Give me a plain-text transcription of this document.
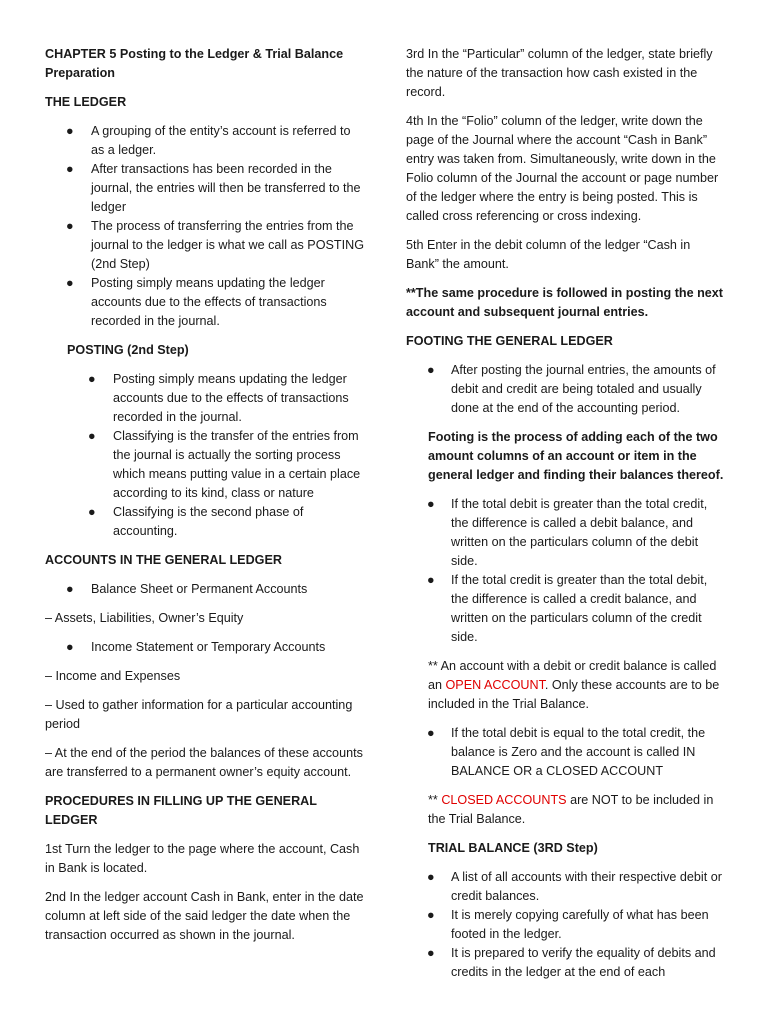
CHAPTER 5 Posting to the Ledger & Trial Balance Preparation

THE LEDGER

● A grouping of the entity’s account is referred to as a ledger.
● After transactions has been recorded in the journal, the entries will then be transferred to the ledger
● The process of transferring the entries from the journal to the ledger is what we call as POSTING (2nd Step)
● Posting simply means updating the ledger accounts due to the effects of transactions recorded in the journal.

POSTING (2nd Step)

● Posting simply means updating the ledger accounts due to the effects of transactions recorded in the journal.
● Classifying is the transfer of the entries from the journal is actually the sorting process which means putting value in a certain place according to its kind, class or nature
● Classifying is the second phase of accounting.

ACCOUNTS IN THE GENERAL LEDGER

● Balance Sheet or Permanent Accounts

– Assets, Liabilities, Owner’s Equity

● Income Statement or Temporary Accounts

– Income and Expenses

– Used to gather information for a particular accounting period

– At the end of the period the balances of these accounts are transferred to a permanent owner’s equity account.

PROCEDURES IN FILLING UP THE GENERAL LEDGER

1st Turn the ledger to the page where the account, Cash in Bank is located.

2nd In the ledger account Cash in Bank, enter in the date column at left side of the said ledger the date when the transaction occurred as shown in the journal.

3rd In the “Particular” column of the ledger, state briefly the nature of the transaction how cash existed in the record.

4th In the “Folio” column of the ledger, write down the page of the Journal where the account “Cash in Bank” entry was taken from. Simultaneously, write down in the Folio column of the Journal the account or page number of the ledger where the entry is being posted. This is called cross referencing or cross indexing.

5th Enter in the debit column of the ledger “Cash in Bank” the amount.

**The same procedure is followed in posting the next account and subsequent journal entries.

FOOTING THE GENERAL LEDGER

● After posting the journal entries, the amounts of debit and credit are being totaled and usually done at the end of the accounting period.

Footing is the process of adding each of the two amount columns of an account or item in the general ledger and finding their balances thereof.

● If the total debit is greater than the total credit, the difference is called a debit balance, and written on the particulars column of the debit side.
● If the total credit is greater than the total debit, the difference is called a credit balance, and written on the particulars column of the credit side.

** An account with a debit or credit balance is called an OPEN ACCOUNT. Only these accounts are to be included in the Trial Balance.

● If the total debit is equal to the total credit, the balance is Zero and the account is called IN BALANCE OR a CLOSED ACCOUNT

** CLOSED ACCOUNTS are NOT to be included in the Trial Balance.

TRIAL BALANCE (3RD Step)

● A list of all accounts with their respective debit or credit balances.
● It is merely copying carefully of what has been footed in the ledger.
● It is prepared to verify the equality of debits and credits in the ledger at the end of each
